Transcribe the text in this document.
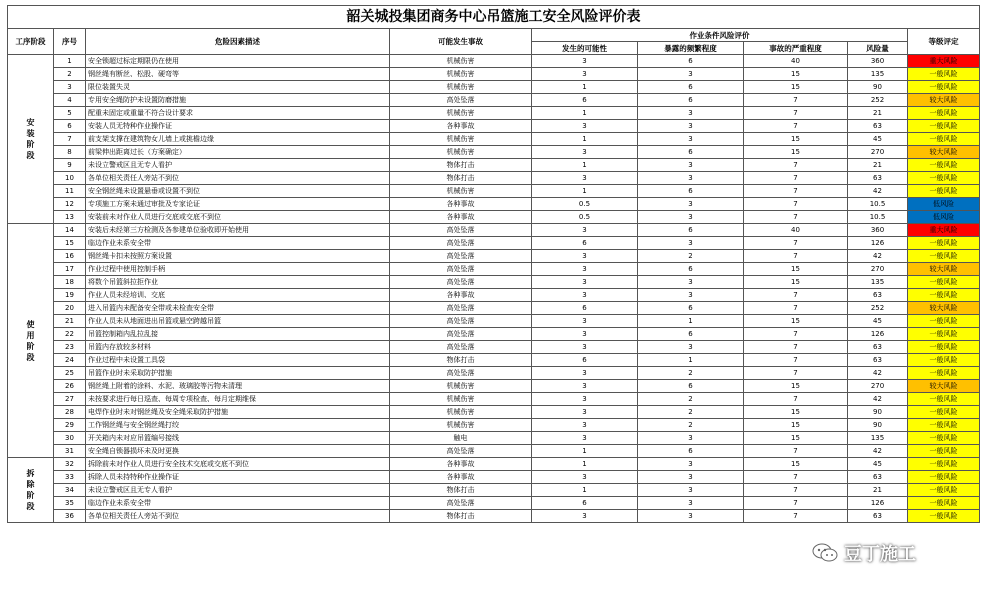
韶关城投集团商务中心吊篮施工安全风险评价表								
工序阶段	序号	危险因素描述	可能发生事故	作业条件风险评价				等级评定
				发生的可能性	暴露的频繁程度	事故的严重程度	风险量	
安装阶段	1	安全锁超过标定期限仍在使用	机械伤害	3	6	40	360	重大风险
	2	钢丝绳有断丝、松股、硬弯等	机械伤害	3	3	15	135	一般风险
	3	限位装置失灵	机械伤害	1	6	15	90	一般风险
	4	专用安全绳防护未设置防磨措施	高处坠落	6	6	7	252	较大风险
	5	配重未固定或重量不符合设计要求	机械伤害	1	3	7	21	一般风险
	6	安装人员无特种作业操作证	各种事故	3	3	7	63	一般风险
	7	前支架支撑在建筑物女儿墙上或挑檐边缘	机械伤害	1	3	15	45	一般风险
	8	前梁伸出距离过长（方案确定）	机械伤害	3	6	15	270	较大风险
	9	未设立警戒区且无专人看护	物体打击	1	3	7	21	一般风险
	10	各单位相关责任人旁站不到位	物体打击	3	3	7	63	一般风险
	11	安全钢丝绳未设置悬垂或设置不到位	机械伤害	1	6	7	42	一般风险
	12	专项施工方案未通过审批及专家论证	各种事故	0.5	3	7	10.5	低风险
	13	安装前未对作业人员进行交底或交底不到位	各种事故	0.5	3	7	10.5	低风险
使用阶段	14	安装后未经第三方检测及各参建单位验收即开始使用	高处坠落	3	6	40	360	重大风险
	15	临边作业未系安全带	高处坠落	6	3	7	126	一般风险
	16	钢丝绳卡扣未按照方案设置	高处坠落	3	2	7	42	一般风险
	17	作业过程中使用控制手柄	高处坠落	3	6	15	270	较大风险
	18	将数个吊篮斜拉拒作业	高处坠落	3	3	15	135	一般风险
	19	作业人员未经培训、交底	各种事故	3	3	7	63	一般风险
	20	进入吊篮内未配备安全带或未检查安全带	高处坠落	6	6	7	252	较大风险
	21	作业人员未从地面进出吊篮或悬空跨越吊篮	高处坠落	3	1	15	45	一般风险
	22	吊篮控制箱内乱拉乱接	高处坠落	3	6	7	126	一般风险
	23	吊篮内存放较多材料	高处坠落	3	3	7	63	一般风险
	24	作业过程中未设置工具袋	物体打击	6	1	7	63	一般风险
	25	吊篮作业时未采取防护措施	高处坠落	3	2	7	42	一般风险
	26	钢丝绳上附着的涂料、水泥、玻璃胶等污物未清理	机械伤害	3	6	15	270	较大风险
	27	未按要求进行每日巡查、每周专项检查、每月定期维保	机械伤害	3	2	7	42	一般风险
	28	电焊作业时未对钢丝绳及安全绳采取防护措施	机械伤害	3	2	15	90	一般风险
	29	工作钢丝绳与安全钢丝绳打绞	机械伤害	3	2	15	90	一般风险
	30	开关箱内未对应吊篮编号接线	触电	3	3	15	135	一般风险
	31	安全绳自锁器损坏未及时更换	高处坠落	1	6	7	42	一般风险
拆除阶段	32	拆除前未对作业人员进行安全技术交底或交底不到位	各种事故	1	3	15	45	一般风险
	33	拆除人员未持特种作业操作证	各种事故	3	3	7	63	一般风险
	34	未设立警戒区且无专人看护	物体打击	1	3	7	21	一般风险
	35	临边作业未系安全带	高处坠落	6	3	7	126	一般风险
	36	各单位相关责任人旁站不到位	物体打击	3	3	7	63	一般风险
豆丁施工
